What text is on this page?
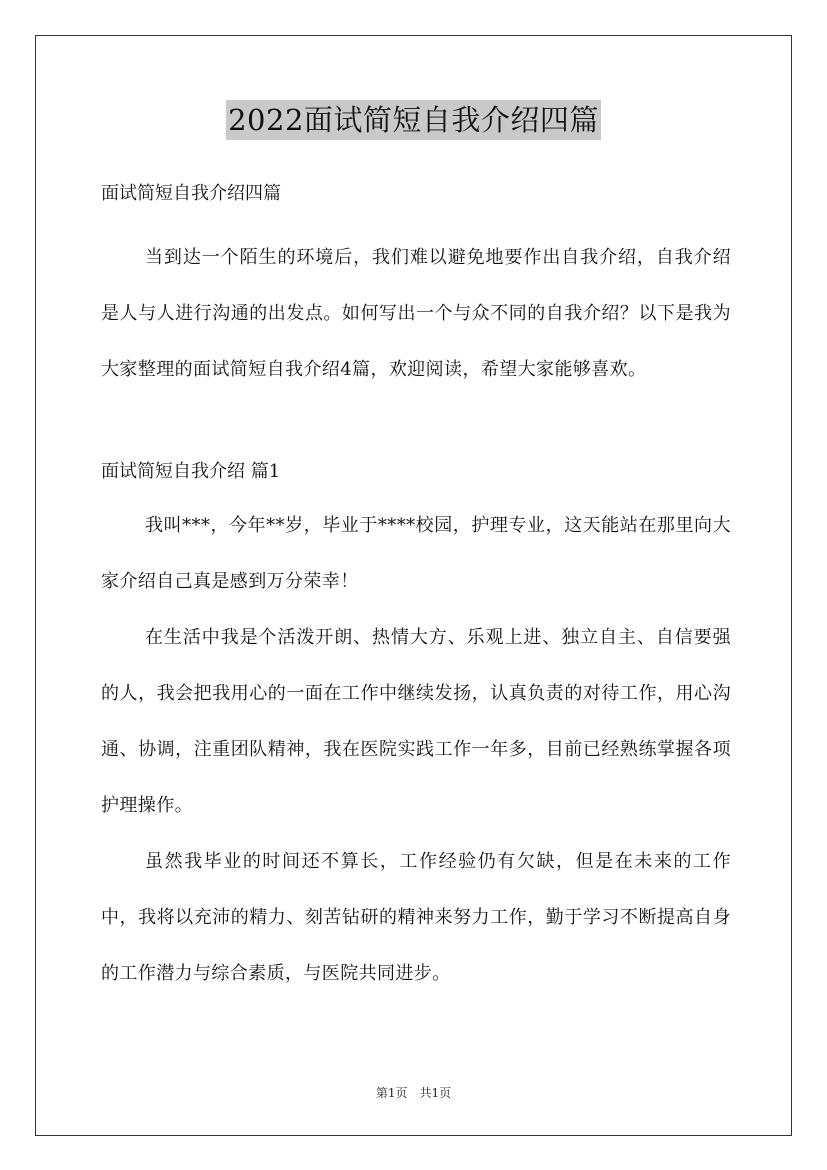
2022面试简短自我介绍四篇

面试简短自我介绍四篇

当到达一个陌生的环境后，我们难以避免地要作出自我介绍，自我介绍是人与人进行沟通的出发点。如何写出一个与众不同的自我介绍？以下是我为大家整理的面试简短自我介绍4篇，欢迎阅读，希望大家能够喜欢。

面试简短自我介绍 篇1

我叫***，今年**岁，毕业于****校园，护理专业，这天能站在那里向大家介绍自己真是感到万分荣幸！

在生活中我是个活泼开朗、热情大方、乐观上进、独立自主、自信要强的人，我会把我用心的一面在工作中继续发扬，认真负责的对待工作，用心沟通、协调，注重团队精神，我在医院实践工作一年多，目前已经熟练掌握各项护理操作。

虽然我毕业的时间还不算长，工作经验仍有欠缺，但是在未来的工作中，我将以充沛的精力、刻苦钻研的精神来努力工作，勤于学习不断提高自身的工作潜力与综合素质，与医院共同进步。

第1页　共1页
